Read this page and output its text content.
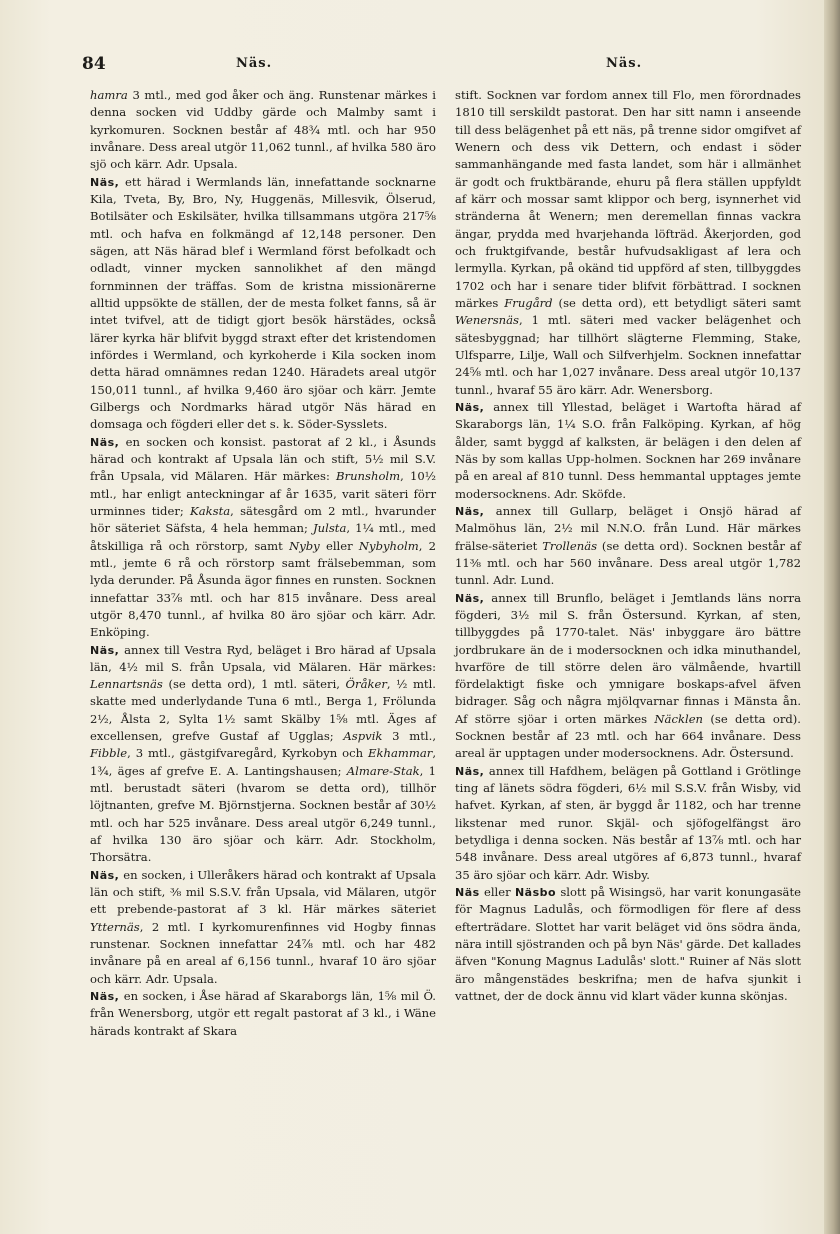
84	Näs.	Näs.

hamra 3 mtl., med god åker och äng. Runstenar märkes i denna socken vid Uddby gärde och Malmby samt i kyrkomuren. Socknen består af 48¾ mtl. och har 950 invånare. Dess areal utgör 11,062 tunnl., af hvilka 580 äro sjö och kärr. Adr. Upsala.

Näs, ett härad i Wermlands län, innefattande socknarne Kila, Tveta, By, Bro, Ny, Huggenäs, Millesvik, Ölserud, Botilsäter och Eskilsäter, hvilka tillsammans utgöra 217⅝ mtl. och hafva en folkmängd af 12,148 personer. Den sägen, att Näs härad blef i Wermland först befolkadt och odladt, vinner mycken sannolikhet af den mängd fornminnen der träffas. Som de kristna missionärerne alltid uppsökte de ställen, der de mesta folket fanns, så är intet tvifvel, att de tidigt gjort besök härstädes, också lärer kyrka här blifvit byggd straxt efter det kristendomen infördes i Wermland, och kyrkoherde i Kila socken inom detta härad omnämnes redan 1240. Häradets areal utgör 150,011 tunnl., af hvilka 9,460 äro sjöar och kärr. Jemte Gilbergs och Nordmarks härad utgör Näs härad en domsaga och fögderi eller det s. k. Söder-Sysslets.

Näs, en socken och konsist. pastorat af 2 kl., i Åsunds härad och kontrakt af Upsala län och stift, 5½ mil S.V. från Upsala, vid Mälaren. Här märkes: Brunsholm, 10½ mtl., har enligt anteckningar af år 1635, varit säteri förr urminnes tider; Kaksta, sätesgård om 2 mtl., hvarunder hör säteriet Säfsta, 4 hela hemman; Julsta, 1¼ mtl., med åtskilliga rå och rörstorp, samt Nyby eller Nybyholm, 2 mtl., jemte 6 rå och rörstorp samt frälsebemman, som lyda derunder. På Åsunda ägor finnes en runsten. Socknen innefattar 33⅞ mtl. och har 815 invånare. Dess areal utgör 8,470 tunnl., af hvilka 80 äro sjöar och kärr. Adr. Enköping.

Näs, annex till Vestra Ryd, beläget i Bro härad af Upsala län, 4½ mil S. från Upsala, vid Mälaren. Här märkes: Lennartsnäs (se detta ord), 1 mtl. säteri, Öråker, ½ mtl. skatte med underlydande Tuna 6 mtl., Berga 1, Frölunda 2½, Ålsta 2, Sylta 1½ samt Skälby 1⅝ mtl. Äges af excellensen, grefve Gustaf af Ugglas; Aspvik 3 mtl., Fibble, 3 mtl., gästgifvaregård, Kyrkobyn och Ekhammar, 1¾, äges af grefve E. A. Lantingshausen; Almare-Stak, 1 mtl. berustadt säteri (hvarom se detta ord), tillhör löjtnanten, grefve M. Björnstjerna. Socknen består af 30½ mtl. och har 525 invånare. Dess areal utgör 6,249 tunnl., af hvilka 130 äro sjöar och kärr. Adr. Stockholm, Thorsätra.

Näs, en socken, i Ulleråkers härad och kontrakt af Upsala län och stift, ⅜ mil S.S.V. från Upsala, vid Mälaren, utgör ett prebende-pastorat af 3 kl. Här märkes säteriet Ytternäs, 2 mtl. I kyrkomurenfinnes vid Hogby finnas runstenar. Socknen innefattar 24⅞ mtl. och har 482 invånare på en areal af 6,156 tunnl., hvaraf 10 äro sjöar och kärr. Adr. Upsala.

Näs, en socken, i Åse härad af Skaraborgs län, 1⅝ mil Ö. från Wenersborg, utgör ett regalt pastorat af 3 kl., i Wäne härads kontrakt af Skara

stift. Socknen var fordom annex till Flo, men förordnades 1810 till serskildt pastorat. Den har sitt namn i anseende till dess belägenhet på ett näs, på trenne sidor omgifvet af Wenern och dess vik Dettern, och endast i söder sammanhängande med fasta landet, som här i allmänhet är godt och fruktbärande, ehuru på flera ställen uppfyldt af kärr och mossar samt klippor och berg, isynnerhet vid stränderna åt Wenern; men deremellan finnas vackra ängar, prydda med hvarjehanda löfträd. Åkerjorden, god och fruktgifvande, består hufvudsakligast af lera och lermylla. Kyrkan, på okänd tid uppförd af sten, tillbyggdes 1702 och har i senare tider blifvit förbättrad. I socknen märkes Frugård (se detta ord), ett betydligt säteri samt Wenersnäs, 1 mtl. säteri med vacker belägenhet och sätesbyggnad; har tillhört slägterne Flemming, Stake, Ulfsparre, Lilje, Wall och Silfverhjelm. Socknen innefattar 24⅝ mtl. och har 1,027 invånare. Dess areal utgör 10,137 tunnl., hvaraf 55 äro kärr. Adr. Wenersborg.

Näs, annex till Yllestad, beläget i Wartofta härad af Skaraborgs län, 1¼ S.O. från Falköping. Kyrkan, af hög ålder, samt byggd af kalksten, är belägen i den delen af Näs by som kallas Upp-holmen. Socknen har 269 invånare på en areal af 810 tunnl. Dess hemmantal upptages jemte modersocknens. Adr. Sköfde.

Näs, annex till Gullarp, beläget i Onsjö härad af Malmöhus län, 2½ mil N.N.O. från Lund. Här märkes frälse-säteriet Trollenäs (se detta ord). Socknen består af 11⅜ mtl. och har 560 invånare. Dess areal utgör 1,782 tunnl. Adr. Lund.

Näs, annex till Brunflo, beläget i Jemtlands läns norra fögderi, 3½ mil S. från Östersund. Kyrkan, af sten, tillbyggdes på 1770-talet. Näs' inbyggare äro bättre jordbrukare än de i modersocknen och idka minuthandel, hvarföre de till större delen äro välmående, hvartill fördelaktigt fiske och ymnigare boskaps-afvel äfven bidrager. Såg och några mjölqvarnar finnas i Mänsta ån. Af större sjöar i orten märkes Näcklen (se detta ord). Socknen består af 23 mtl. och har 664 invånare. Dess areal är upptagen under modersocknens. Adr. Östersund.

Näs, annex till Hafdhem, belägen på Gottland i Grötlinge ting af länets södra fögderi, 6½ mil S.S.V. från Wisby, vid hafvet. Kyrkan, af sten, är byggd år 1182, och har trenne likstenar med runor. Skjäl- och sjöfogelfängst äro betydliga i denna socken. Näs består af 13⅞ mtl. och har 548 invånare. Dess areal utgöres af 6,873 tunnl., hvaraf 35 äro sjöar och kärr. Adr. Wisby.

Näs eller Näsbo slott på Wisingsö, har varit konungasäte för Magnus Ladulås, och förmodligen för flere af dess efterträdare. Slottet har varit beläget vid öns södra ända, nära intill sjöstranden och på byn Näs' gärde. Det kallades äfven "Konung Magnus Ladulås' slott." Ruiner af Näs slott äro mångenstädes beskrifna; men de hafva sjunkit i vattnet, der de dock ännu vid klart väder kunna skönjas.
